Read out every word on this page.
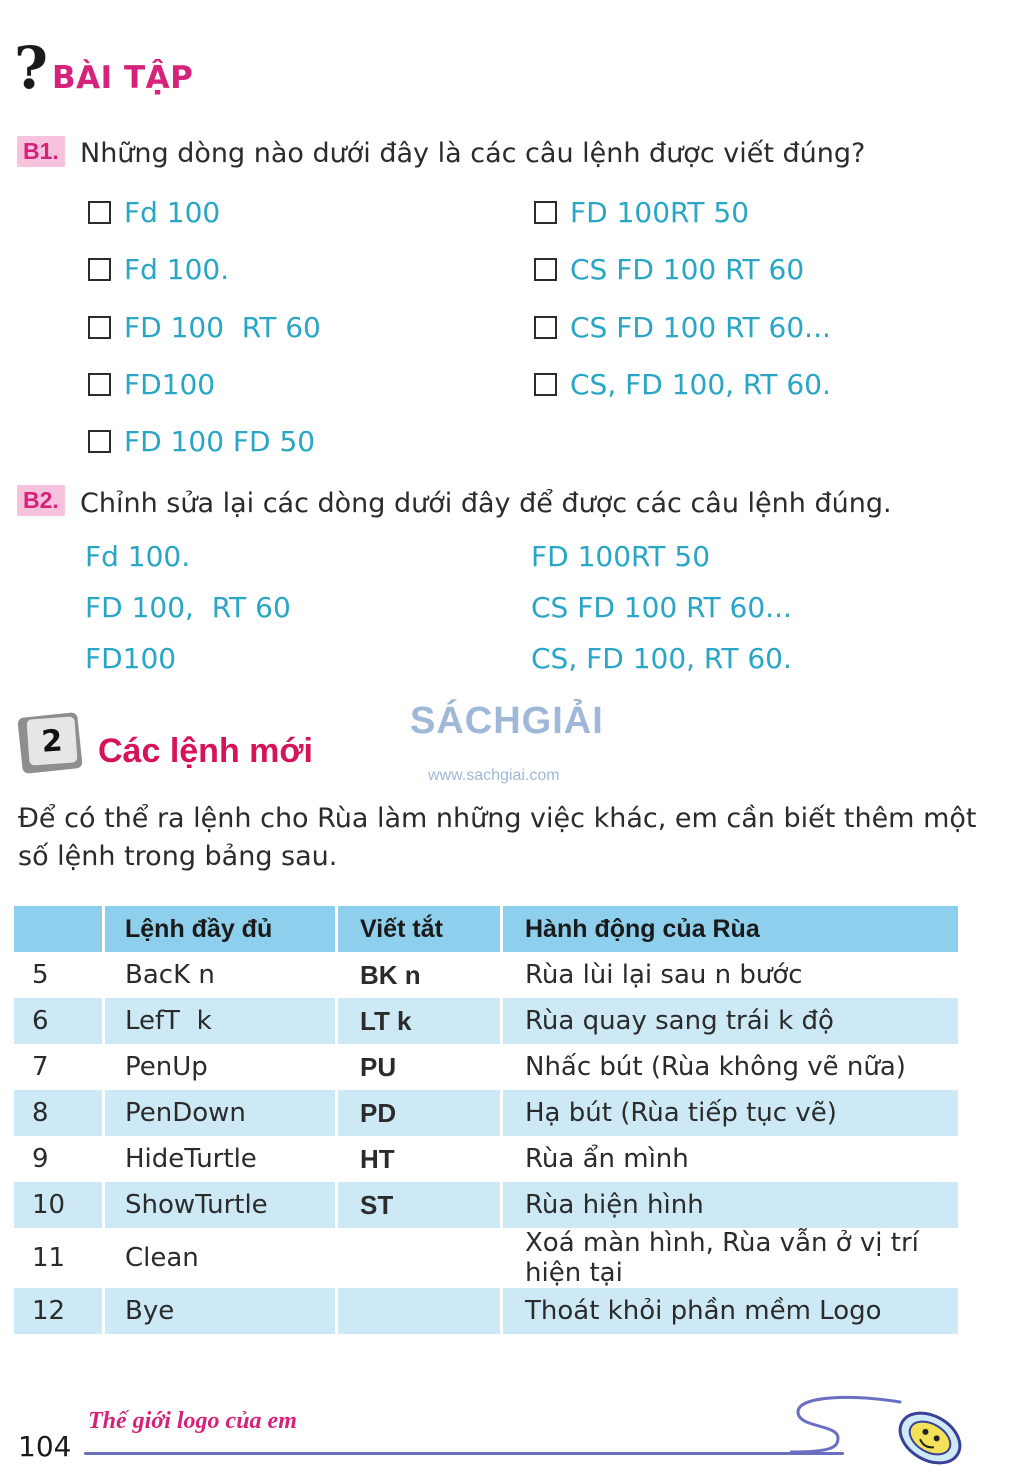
? BÀI TẬP
B1. Những dòng nào dưới đây là các câu lệnh được viết đúng?
Fd 100
Fd 100.
FD 100  RT 60
FD100
FD 100 FD 50
FD 100RT 50
CS FD 100 RT 60
CS FD 100 RT 60...
CS, FD 100, RT 60.
B2. Chỉnh sửa lại các dòng dưới đây để được các câu lệnh đúng.
Fd 100.
FD 100,  RT 60
FD100
FD 100RT 50
CS FD 100 RT 60...
CS, FD 100, RT 60.
2	Các lệnh mới
SÁCHGIẢI
www.sachgiai.com
Để có thể ra lệnh cho Rùa làm những việc khác, em cần biết thêm một số lệnh trong bảng sau.
	Lệnh đầy đủ	Viết tắt	Hành động của Rùa
5	BacK n	BK n	Rùa lùi lại sau n bước
6	LefT  k	LT k	Rùa quay sang trái k độ
7	PenUp	PU	Nhấc bút (Rùa không vẽ nữa)
8	PenDown	PD	Hạ bút (Rùa tiếp tục vẽ)
9	HideTurtle	HT	Rùa ẩn mình
10	ShowTurtle	ST	Rùa hiện hình
11	Clean		Xoá màn hình, Rùa vẫn ở vị trí hiện tại
12	Bye		Thoát khỏi phần mềm Logo
104
Thế giới logo của em
